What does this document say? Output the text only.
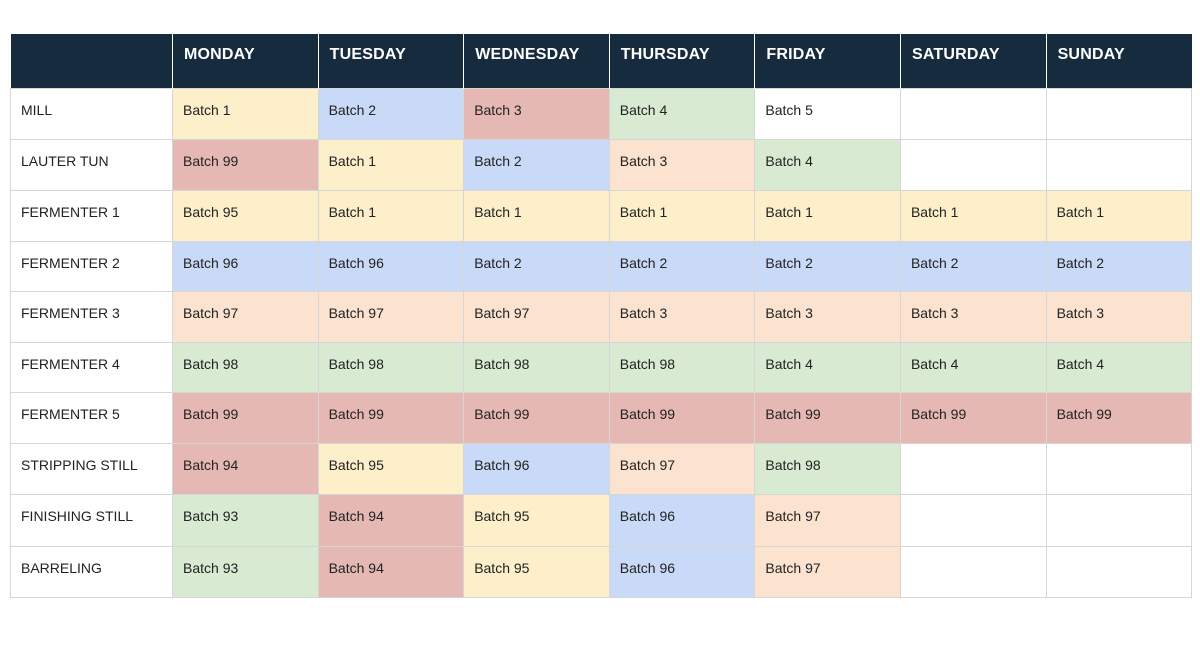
	MONDAY	TUESDAY	WEDNESDAY	THURSDAY	FRIDAY	SATURDAY	SUNDAY
MILL	Batch 1	Batch 2	Batch 3	Batch 4	Batch 5		
LAUTER TUN	Batch 99	Batch 1	Batch 2	Batch 3	Batch 4		
FERMENTER 1	Batch 95	Batch 1	Batch 1	Batch 1	Batch 1	Batch 1	Batch 1
FERMENTER 2	Batch 96	Batch 96	Batch 2	Batch 2	Batch 2	Batch 2	Batch 2
FERMENTER 3	Batch 97	Batch 97	Batch 97	Batch 3	Batch 3	Batch 3	Batch 3
FERMENTER 4	Batch 98	Batch 98	Batch 98	Batch 98	Batch 4	Batch 4	Batch 4
FERMENTER 5	Batch 99	Batch 99	Batch 99	Batch 99	Batch 99	Batch 99	Batch 99
STRIPPING STILL	Batch 94	Batch 95	Batch 96	Batch 97	Batch 98		
FINISHING STILL	Batch 93	Batch 94	Batch 95	Batch 96	Batch 97		
BARRELING	Batch 93	Batch 94	Batch 95	Batch 96	Batch 97		
